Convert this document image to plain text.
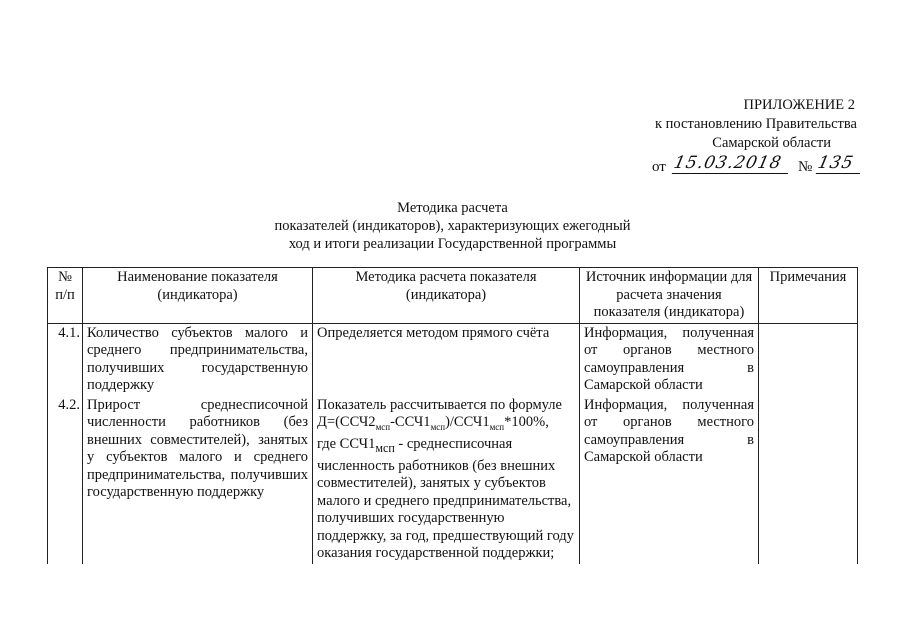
ПРИЛОЖЕНИЕ 2
к постановлению Правительства
Самарской области
от 15.03.2018 № 135
Методика расчета
показателей (индикаторов), характеризующих ежегодный
ход и итоги реализации Государственной программы
№ п/п	Наименование показателя (индикатора)	Методика расчета показателя (индикатора)	Источник информации для расчета значения показателя (индикатора)	Примечания
4.1.	Количество субъектов малого и среднего предпринимательства, получивших государственную поддержку	Определяется методом прямого счёта	Информация, полученная от органов местного самоуправления в Самарской области	
4.2.	Прирост среднесписочной численности работников (без внешних совместителей), занятых у субъектов малого и среднего предпринимательства, получивших государственную поддержку	Показатель рассчитывается по формуле
$Д=(ССЧ2_{мсп}-ССЧ1_{мсп})/ССЧ1_{мсп}*100\%$,
где $ССЧ1_{мсп}$ - среднесписочная численность работников (без внешних совместителей), занятых у субъектов малого и среднего предпринимательства, получивших государственную поддержку, за год, предшествующий году оказания государственной поддержки;	Информация, полученная от органов местного самоуправления в Самарской области	
